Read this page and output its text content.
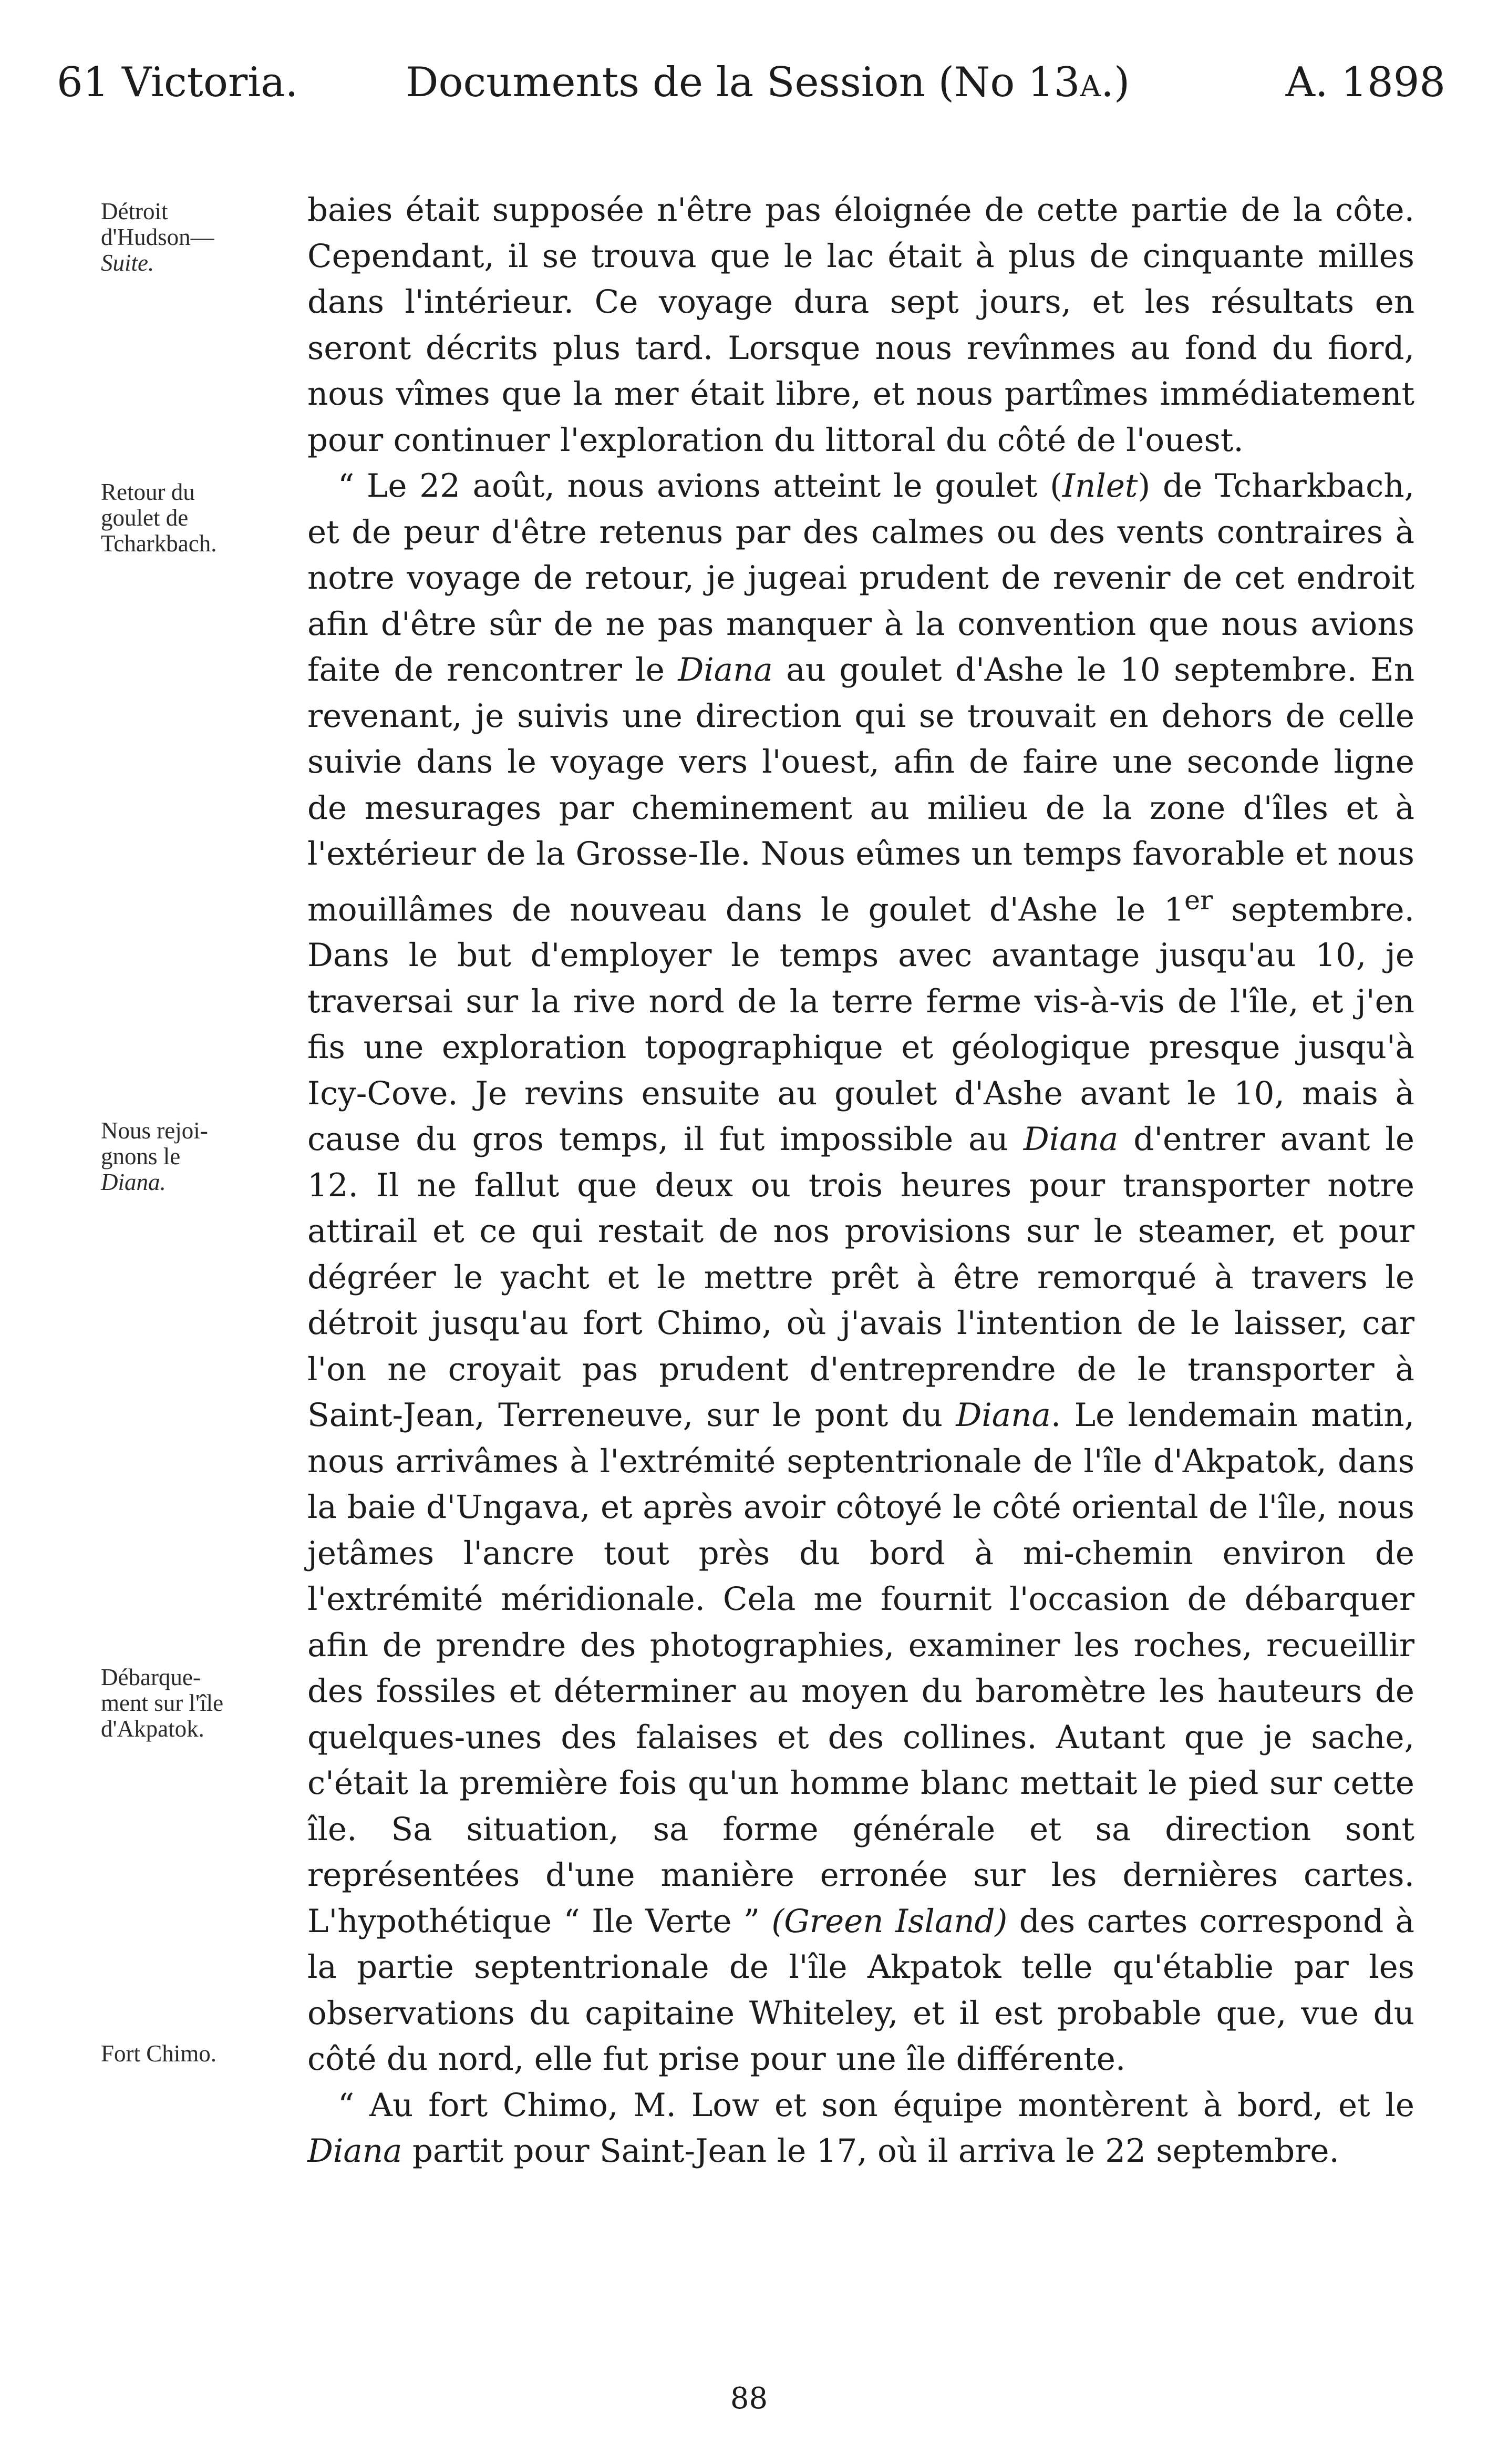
61 Victoria.	Documents de la Session (No 13a.)	A. 1898
Détroit
d'Hudson—
Suite.
Retour du
goulet de
Tcharkbach.
Nous rejoi-
gnons le
Diana.
Débarque-
ment sur l'île
d'Akpatok.
Fort Chimo.

baies était supposée n'être pas éloignée de cette partie de la côte. Cependant, il se trouva que le lac était à plus de cinquante milles dans l'intérieur. Ce voyage dura sept jours, et les résultats en seront décrits plus tard. Lorsque nous revînmes au fond du fiord, nous vîmes que la mer était libre, et nous partîmes immédiatement pour continuer l'exploration du littoral du côté de l'ouest.

“ Le 22 août, nous avions atteint le goulet (Inlet) de Tcharkbach, et de peur d'être retenus par des calmes ou des vents contraires à notre voyage de retour, je jugeai prudent de revenir de cet endroit afin d'être sûr de ne pas manquer à la convention que nous avions faite de rencontrer le Diana au goulet d'Ashe le 10 septembre. En revenant, je suivis une direction qui se trouvait en dehors de celle suivie dans le voyage vers l'ouest, afin de faire une seconde ligne de mesurages par cheminement au milieu de la zone d'îles et à l'extérieur de la Grosse-Ile. Nous eûmes un temps favorable et nous mouillâmes de nouveau dans le goulet d'Ashe le 1er septembre. Dans le but d'employer le temps avec avantage jusqu'au 10, je traversai sur la rive nord de la terre ferme vis-à-vis de l'île, et j'en fis une exploration topographique et géologique presque jusqu'à Icy-Cove. Je revins ensuite au goulet d'Ashe avant le 10, mais à cause du gros temps, il fut impossible au Diana d'entrer avant le 12. Il ne fallut que deux ou trois heures pour transporter notre attirail et ce qui restait de nos provisions sur le steamer, et pour dégréer le yacht et le mettre prêt à être remorqué à travers le détroit jusqu'au fort Chimo, où j'avais l'intention de le laisser, car l'on ne croyait pas prudent d'entreprendre de le transporter à Saint-Jean, Terreneuve, sur le pont du Diana. Le lendemain matin, nous arrivâmes à l'extrémité septentrionale de l'île d'Akpatok, dans la baie d'Ungava, et après avoir côtoyé le côté oriental de l'île, nous jetâmes l'ancre tout près du bord à mi-chemin environ de l'extrémité méridionale. Cela me fournit l'occasion de débarquer afin de prendre des photographies, examiner les roches, recueillir des fossiles et déterminer au moyen du baromètre les hauteurs de quelques-unes des falaises et des collines. Autant que je sache, c'était la première fois qu'un homme blanc mettait le pied sur cette île. Sa situation, sa forme générale et sa direction sont représentées d'une manière erronée sur les dernières cartes. L'hypothétique “ Ile Verte ” (Green Island) des cartes correspond à la partie septentrionale de l'île Akpatok telle qu'établie par les observations du capitaine Whiteley, et il est probable que, vue du côté du nord, elle fut prise pour une île différente.

“ Au fort Chimo, M. Low et son équipe montèrent à bord, et le Diana partit pour Saint-Jean le 17, où il arriva le 22 septembre.

88
